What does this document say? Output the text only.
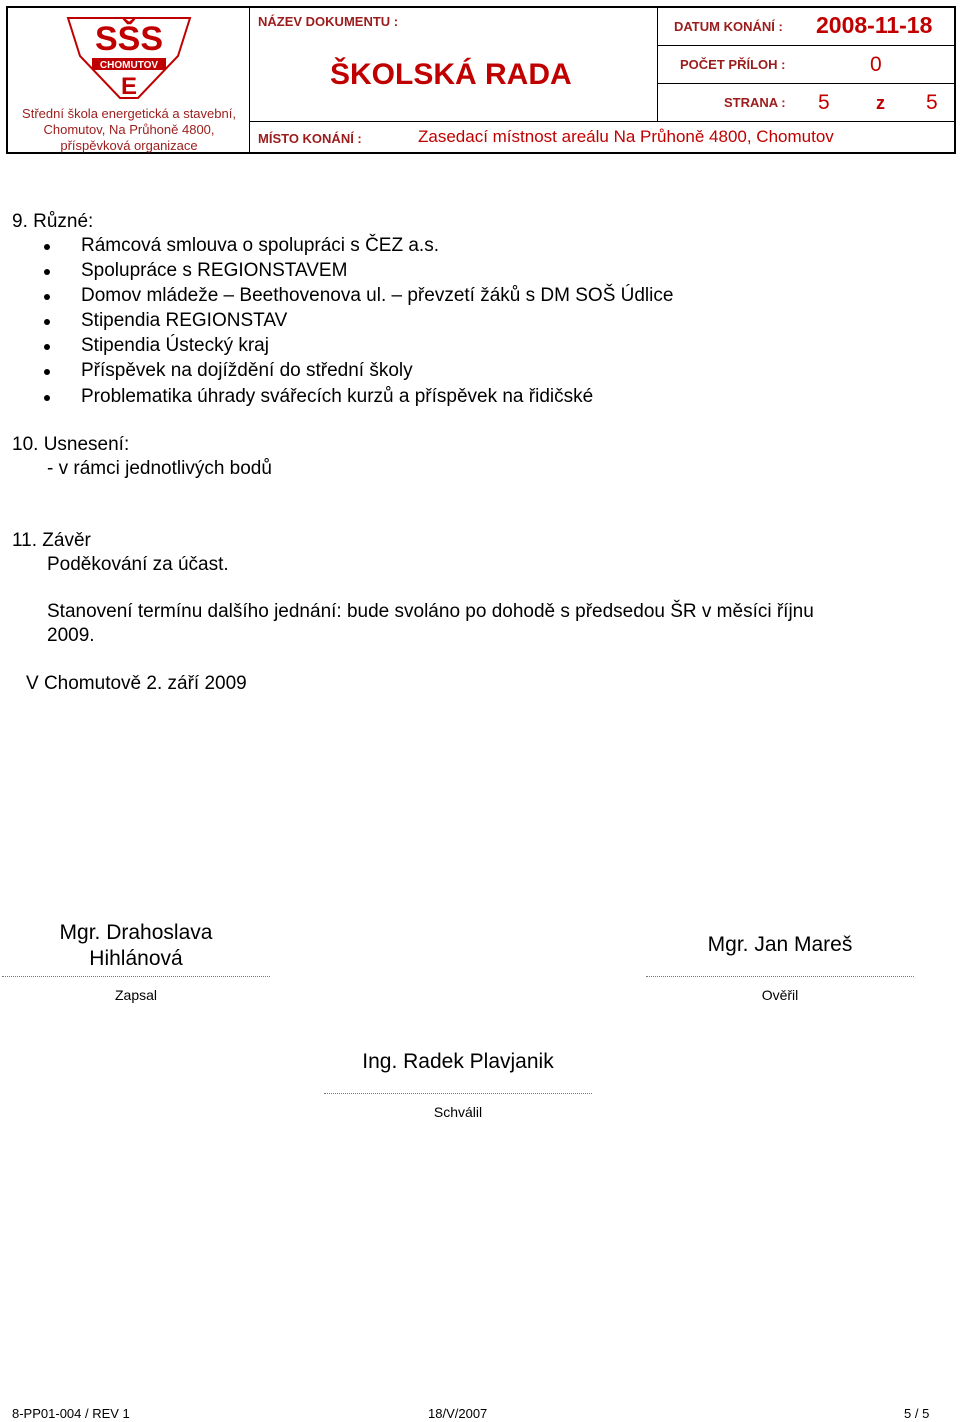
SŠS
CHOMUTOV
E
Střední škola energetická a stavební,
Chomutov, Na Průhoně 4800,
příspěvková organizace
NÁZEV DOKUMENTU :
ŠKOLSKÁ RADA
DATUM KONÁNÍ : 2008-11-18
POČET PŘÍLOH :	0
STRANA : 5	z 5
MÍSTO KONÁNÍ :	Zasedací místnost areálu Na Průhoně 4800, Chomutov
9. Různé:
Rámcová smlouva o spolupráci s ČEZ a.s.
Spolupráce s REGIONSTAVEM
Domov mládeže – Beethovenova ul. – převzetí žáků s DM SOŠ Údlice
Stipendia REGIONSTAV
Stipendia Ústecký kraj
Příspěvek na dojíždění do střední školy
Problematika úhrady svářecích kurzů a příspěvek na řidičské
10. Usnesení:
- v rámci jednotlivých bodů
11. Závěr
Poděkování za účast.
Stanovení termínu dalšího jednání: bude svoláno po dohodě s předsedou ŠR v měsíci říjnu
2009.
V Chomutově 2. září 2009
Mgr. Drahoslava
Hihlánová
Zapsal
Mgr. Jan Mareš
Ověřil
Ing. Radek Plavjanik
Schválil
8-PP01-004 / REV 1	18/V/2007	5 / 5
